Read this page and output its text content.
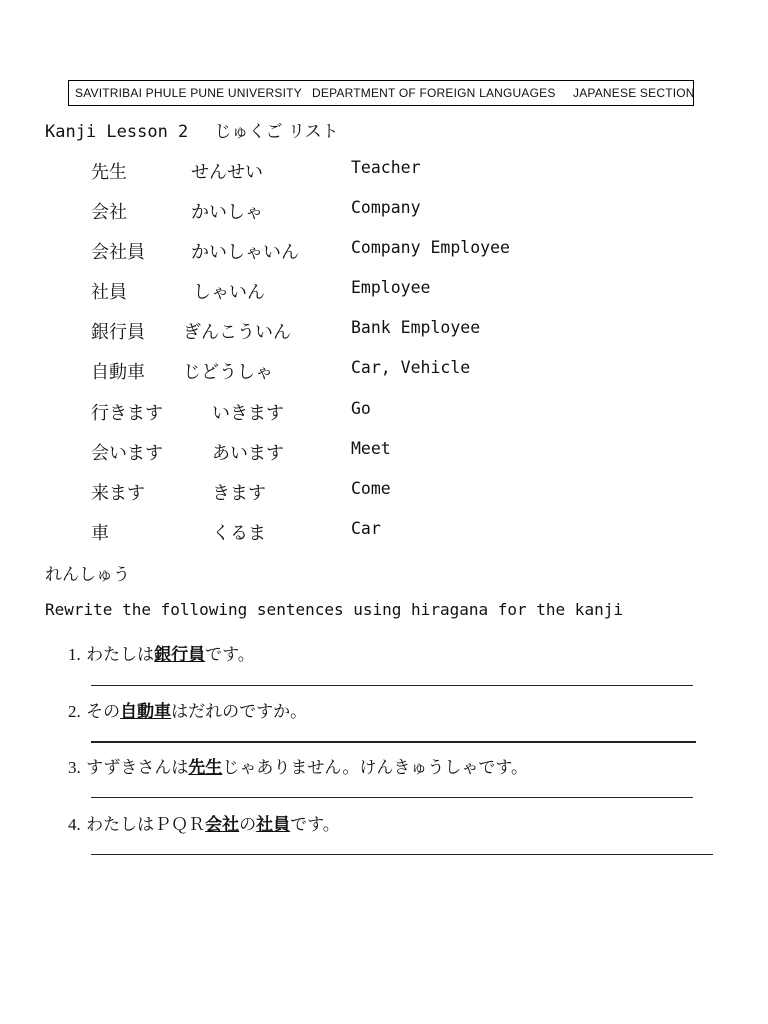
SAVITRIBAI PHULE PUNE UNIVERSITY DEPARTMENT OF FOREIGN LANGUAGES JAPANESE SECTION
Kanji Lesson 2 じゅくご リスト
先生	せんせい	Teacher
会社	かいしゃ	Company
会社員	かいしゃいん	Company Employee
社員	しゃいん	Employee
銀行員 ぎんこういん	Bank Employee
自動車 じどうしゃ	Car, Vehicle
行きます	いきます	Go
会います	あいます	Meet
来ます	きます	Come
車	くるま	Car
れんしゅう
Rewrite the following sentences using hiragana for the kanji
1. わたしは銀行員です。
2. その自動車はだれのですか。
3. すずきさんは先生じゃありません。けんきゅうしゃです。
4. わたしはＰＱＲ会社の社員です。
